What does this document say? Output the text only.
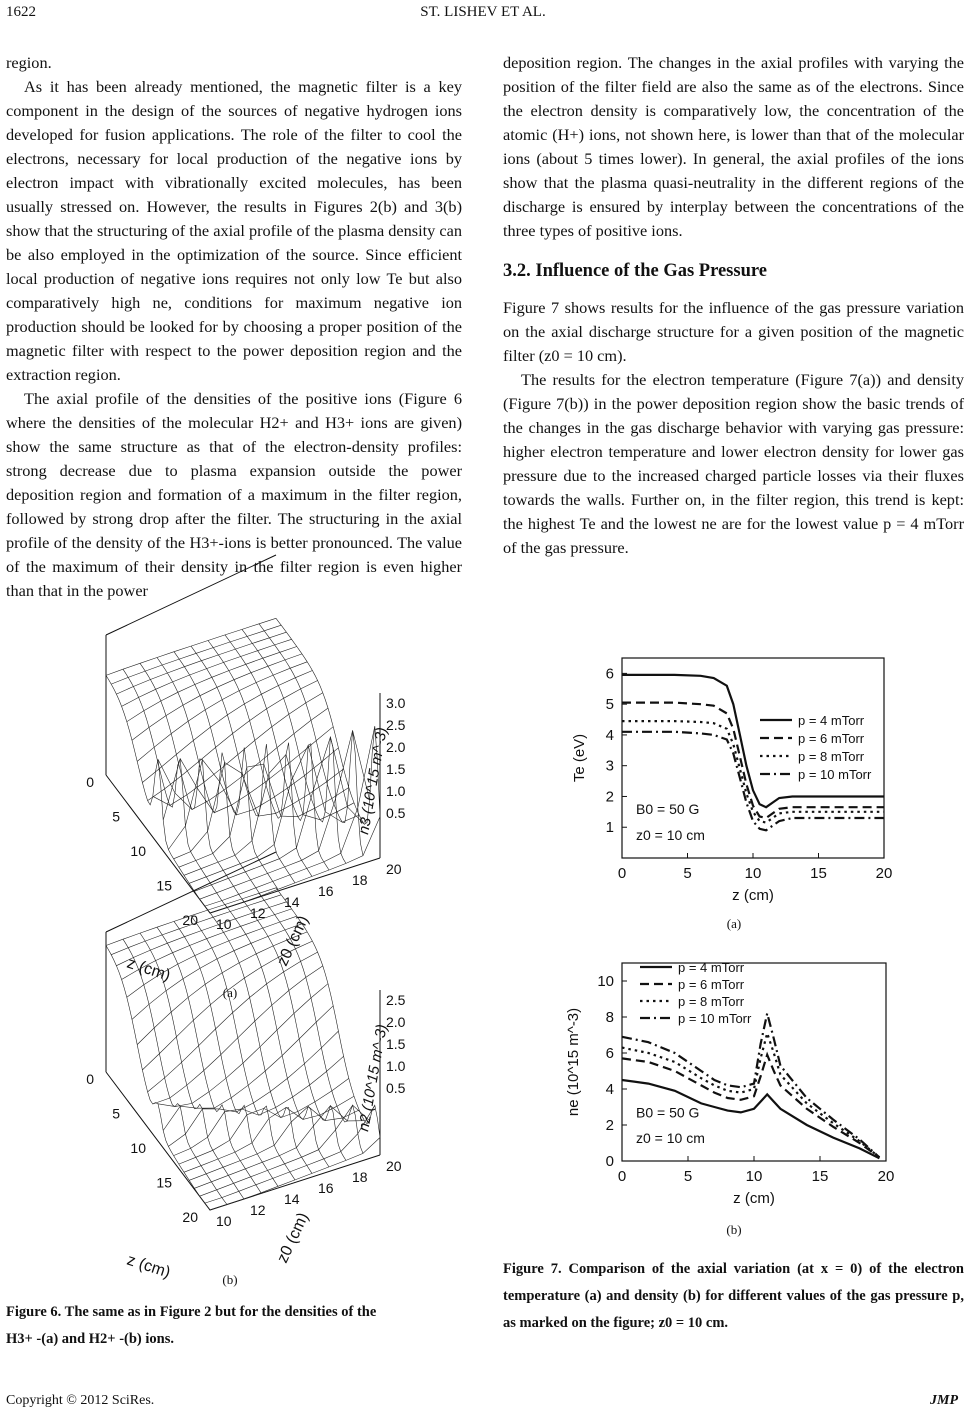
1622	ST. LISHEV ET AL.

region.

As it has been already mentioned, the magnetic filter is a key component in the design of the sources of negative hydrogen ions developed for fusion applications. The role of the filter to cool the electrons, necessary for local production of the negative ions by electron impact with vibrationally excited molecules, has been usually stressed on. However, the results in Figures 2(b) and 3(b) show that the structuring of the axial profile of the plasma density can be also employed in the optimization of the source. Since efficient local production of negative ions requires not only low Te but also comparatively high ne, conditions for maximum negative ion production should be looked for by choosing a proper position of the magnetic filter with respect to the power deposition region and the extraction region.

The axial profile of the densities of the positive ions (Figure 6 where the densities of the molecular H2+ and H3+ ions are given) show the same structure as that of the electron-density profiles: strong decrease due to plasma expansion outside the power deposition region and formation of a maximum in the filter region, followed by strong drop after the filter. The structuring in the axial profile of the density of the H3+-ions is better pronounced. The value of the maximum of their density in the filter region is even higher than that in the power

0
5
10
15
20
z (cm)
10
12
14
16
18
20
z0 (cm)
3.0
2.5
2.0
1.5
1.0
0.5
n3 (10^15 m^-3)
(a)
0
5
10
15
20
z (cm)
10
12
14
16
18
20
z0 (cm)
2.5
2.0
1.5
1.0
0.5
n2 (10^15 m^-3)
(b)
Figure 6. The same as in Figure 2 but for the densities of the
H3+ -(a) and H2+ -(b) ions.

deposition region. The changes in the axial profiles with varying the position of the filter field are also the same as of the electrons. Since the electron density is comparatively low, the concentration of the atomic (H+) ions, not shown here, is lower than that of the molecular ions (about 5 times lower). In general, the axial profiles of the ions show that the plasma quasi-neutrality in the different regions of the discharge is ensured by interplay between the concentrations of the three types of positive ions.

3.2. Influence of the Gas Pressure

Figure 7 shows results for the influence of the gas pressure variation on the axial discharge structure for a given position of the magnetic filter (z0 = 10 cm).

The results for the electron temperature (Figure 7(a)) and density (Figure 7(b)) in the power deposition region show the basic trends of the changes in the gas discharge behavior with varying gas pressure: higher electron temperature and lower electron density for lower gas pressure due to the increased charged particle losses via their fluxes towards the walls. Further on, in the filter region, this trend is kept: the highest Te and the lowest ne are for the lowest value p = 4 mTorr of the gas pressure.

0	5	10	15	20
1
2
3
4
5
6
z (cm)
Te (eV)
p = 4 mTorr
p = 6 mTorr
p = 8 mTorr
p = 10 mTorr
B0 = 50 G
z0 = 10 cm
(a)
0	5	10	15	20
0
2
4
6
8
10
z (cm)
ne (10^15 m^-3)
p = 4 mTorr
p = 6 mTorr
p = 8 mTorr
p = 10 mTorr
B0 = 50 G
z0 = 10 cm
(b)
Figure 7. Comparison of the axial variation (at x = 0) of the electron temperature (a) and density (b) for different values of the gas pressure p, as marked on the figure; z0 = 10 cm.
Copyright © 2012 SciRes.	JMP
